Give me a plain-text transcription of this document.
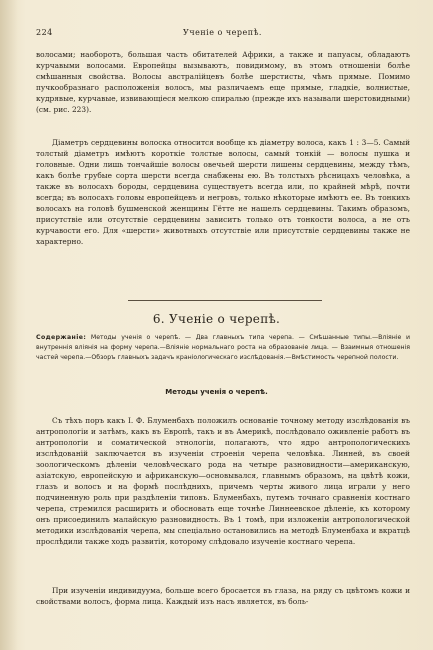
224	Ученіе о черепѣ.
волосами; наоборотъ, большая часть обитателей Африки, а также и папуасы, обладаютъ курчавыми волосами. Европейцы вызываютъ, повидимому, въ этомъ отношеніи болѣе смѣшанныя свойства. Волосы австралійцевъ болѣе шерстисты, чѣмъ прямые. Помимо пучкообразнаго расположенія волосъ, мы различаемъ еще прямые, гладкіе, волнистые, кудрявые, курчавые, извивающіеся мелкою спиралью (прежде ихъ называли шерстовидными) (см. рис. 223).
Діаметръ сердцевины волоска относится вообще къ діаметру волоса, какъ 1 : 3—5. Самый толстый діаметръ имѣютъ короткіе толстые волосы, самый тонкій — волосы пушка и головные. Одни лишь тончайшіе волосы овечьей шерсти лишены сердцевины, между тѣмъ, какъ болѣе грубые сорта шерсти всегда снабжены ею. Въ толстыхъ рѣсницахъ человѣка, а также въ волосахъ бороды, сердцевина существуетъ всегда или, по крайней мѣрѣ, почти всегда; въ волосахъ головы европейцевъ и негровъ, только нѣкоторые имѣютъ ее. Въ тонкихъ волосахъ на головѣ бушменской женщины Гётте не нашелъ сердцевины. Такимъ образомъ, присутствіе или отсутствіе сердцевины зависитъ только отъ тонкости волоса, а не отъ курчавости его. Для «шерсти» животныхъ отсутствіе или присутствіе сердцевины также не характерно.
6. Ученіе о черепѣ.
Содержаніе: Методы ученія о черепѣ. — Два главныхъ типа черепа. — Смѣшанные типы.—Вліяніе и внутреннія вліянія на форму черепа.—Вліяніе нормальнаго роста на образованіе лица. — Взаимныя отношенія частей черепа.—Обзоръ главныхъ задачъ краніологическаго изслѣдованія.—Вмѣстимость черепной полости.
Методы ученія о черепѣ.
Съ тѣхъ поръ какъ І. Ф. Блуменбахъ положилъ основаніе точному методу изслѣдованія въ антропологіи и затѣмъ, какъ въ Европѣ, такъ и въ Америкѣ, послѣдовало оживленіе работъ въ антропологіи и соматической этнологіи, полагаютъ, что ядро антропологическихъ изслѣдованій заключается въ изученіи строенія черепа человѣка. Линней, въ своей зоологическомъ дѣленіи человѣческаго рода на четыре разновидности—американскую, азіатскую, европейскую и африканскую—основывался, главнымъ образомъ, на цвѣтѣ кожи, глазъ и волосъ и на формѣ послѣднихъ, причемъ черты живого лица играли у него подчиненную роль при раздѣленіи типовъ. Блуменбахъ, путемъ точнаго сравненія костнаго черепа, стремился расширить и обосновать еще точнѣе Линнеевское дѣленіе, къ которому онъ присоединилъ малайскую разновидность. Въ 1 томѣ, при изложеніи антропологической методики изслѣдованія черепа, мы спеціально остановились на методѣ Блуменбаха и вкратцѣ прослѣдили также ходъ развитія, которому слѣдовало изученіе костнаго черепа.
При изученіи индивидуума, больше всего бросается въ глаза, на ряду съ цвѣтомъ кожи и свойствами волосъ, форма лица. Каждый изъ насъ является, въ боль-
